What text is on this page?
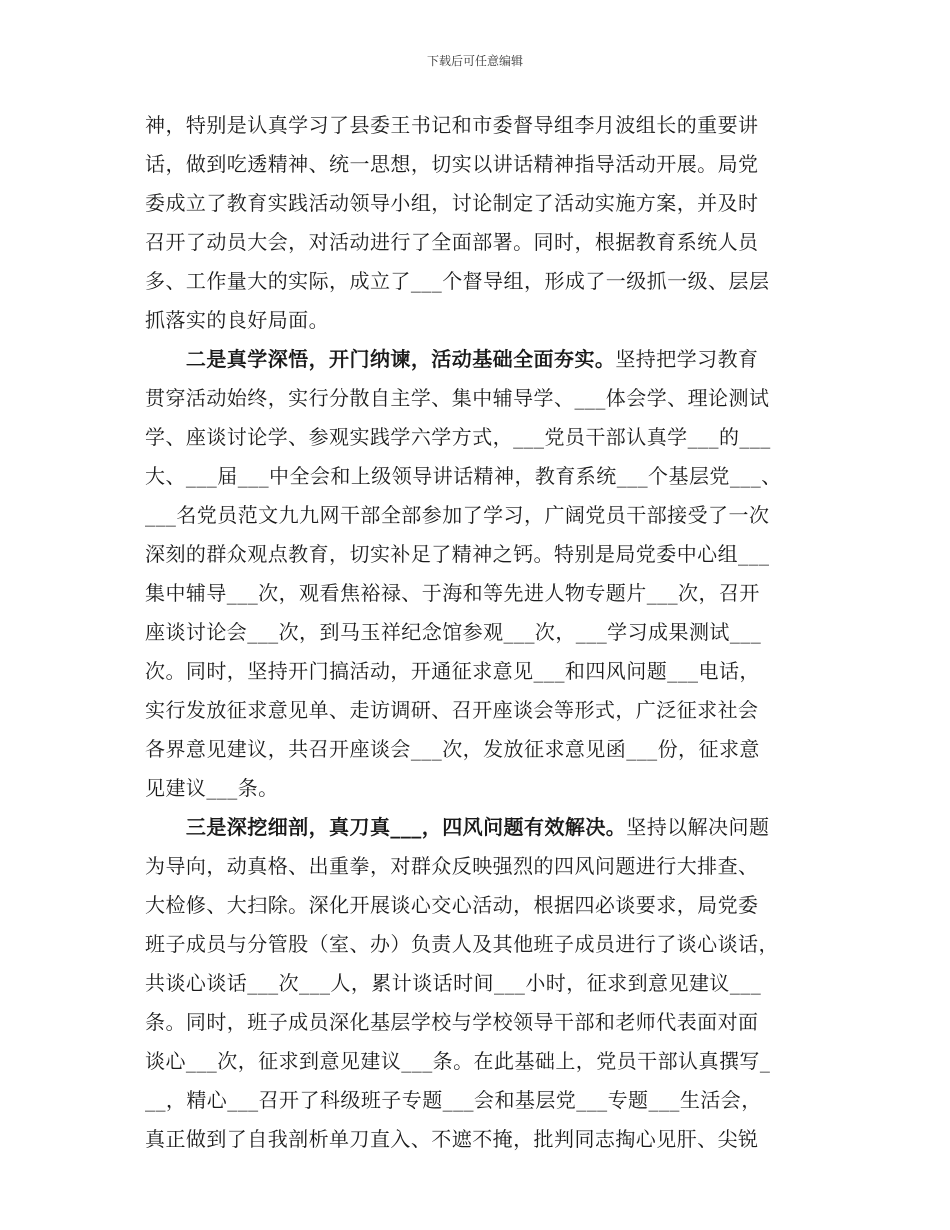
下载后可任意编辑
神，特别是认真学习了县委王书记和市委督导组李月波组长的重要讲
话，做到吃透精神、统一思想，切实以讲话精神指导活动开展。局党
委成立了教育实践活动领导小组，讨论制定了活动实施方案，并及时
召开了动员大会，对活动进行了全面部署。同时，根据教育系统人员
多、工作量大的实际，成立了___个督导组，形成了一级抓一级、层层
抓落实的良好局面。
　　二是真学深悟，开门纳谏，活动基础全面夯实。坚持把学习教育
贯穿活动始终，实行分散自主学、集中辅导学、___体会学、理论测试
学、座谈讨论学、参观实践学六学方式，___党员干部认真学___的___
大、___届___中全会和上级领导讲话精神，教育系统___个基层党___、
___名党员范文九九网干部全部参加了学习，广阔党员干部接受了一次
深刻的群众观点教育，切实补足了精神之钙。特别是局党委中心组___
集中辅导___次，观看焦裕禄、于海和等先进人物专题片___次，召开
座谈讨论会___次，到马玉祥纪念馆参观___次，___学习成果测试___
次。同时，坚持开门搞活动，开通征求意见___和四风问题___电话，
实行发放征求意见单、走访调研、召开座谈会等形式，广泛征求社会
各界意见建议，共召开座谈会___次，发放征求意见函___份，征求意
见建议___条。
　　三是深挖细剖，真刀真___，四风问题有效解决。坚持以解决问题
为导向，动真格、出重拳，对群众反映强烈的四风问题进行大排查、
大检修、大扫除。深化开展谈心交心活动，根据四必谈要求，局党委
班子成员与分管股（室、办）负责人及其他班子成员进行了谈心谈话，
共谈心谈话___次___人，累计谈话时间___小时，征求到意见建议___
条。同时，班子成员深化基层学校与学校领导干部和老师代表面对面
谈心___次，征求到意见建议___条。在此基础上，党员干部认真撰写_
__，精心___召开了科级班子专题___会和基层党___专题___生活会，
真正做到了自我剖析单刀直入、不遮不掩，批判同志掏心见肝、尖锐
